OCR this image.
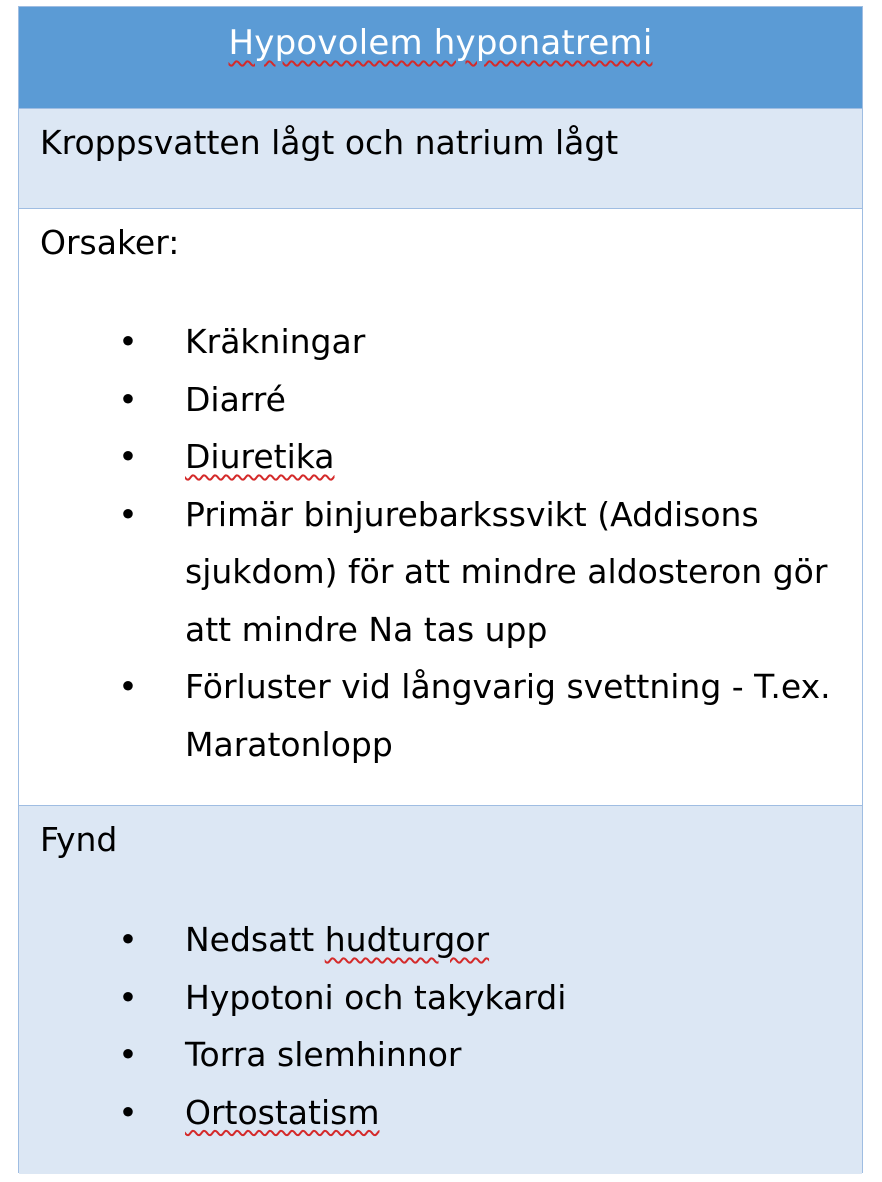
Hypovolem hyponatremi
Kroppsvatten lågt och natrium lågt
Orsaker:
• Kräkningar
• Diarré
• Diuretika
• Primär binjurebarkssvikt (Addisons sjukdom) för att mindre aldosteron gör att mindre Na tas upp
• Förluster vid långvarig svettning - T.ex. Maratonlopp
Fynd
• Nedsatt hudturgor
• Hypotoni och takykardi
• Torra slemhinnor
• Ortostatism
